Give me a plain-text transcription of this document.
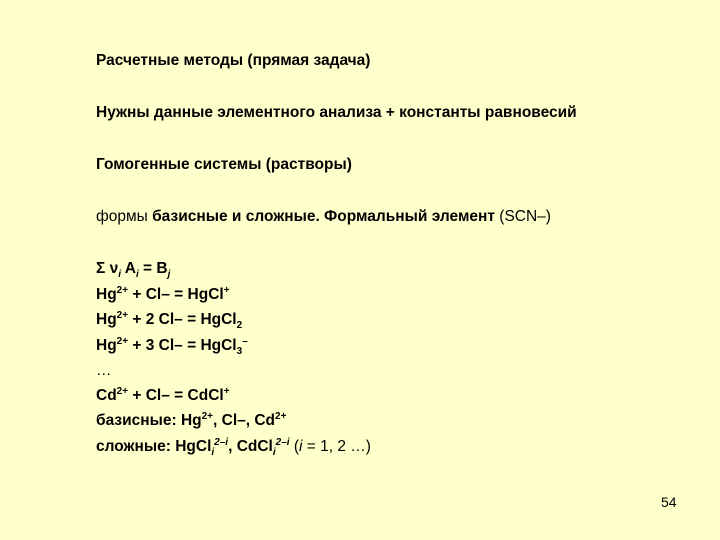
Расчетные методы (прямая задача)

Нужны данные элементного анализа + константы равновесий

Гомогенные системы (растворы)

формы базисные и сложные. Формальный элемент (SCN–)

Σ $\nu_i$ $A_i = B_j$

$Hg^{2+} + Cl-$ = HgCl+

$Hg^{2+} + 2$ Cl– = HgCl$_2$

$Hg^{2+} + 3$ Cl– = HgCl$_3$–

…

$Cd^{2+} + Cl-$ = CdCl+

базисные: $Hg^{2+}$, Cl–, $Cd^{2+}$

сложные: HgCl$_i^{2-i}$, CdCl$_i^{2-i}$ (i = 1, 2 …)

54
